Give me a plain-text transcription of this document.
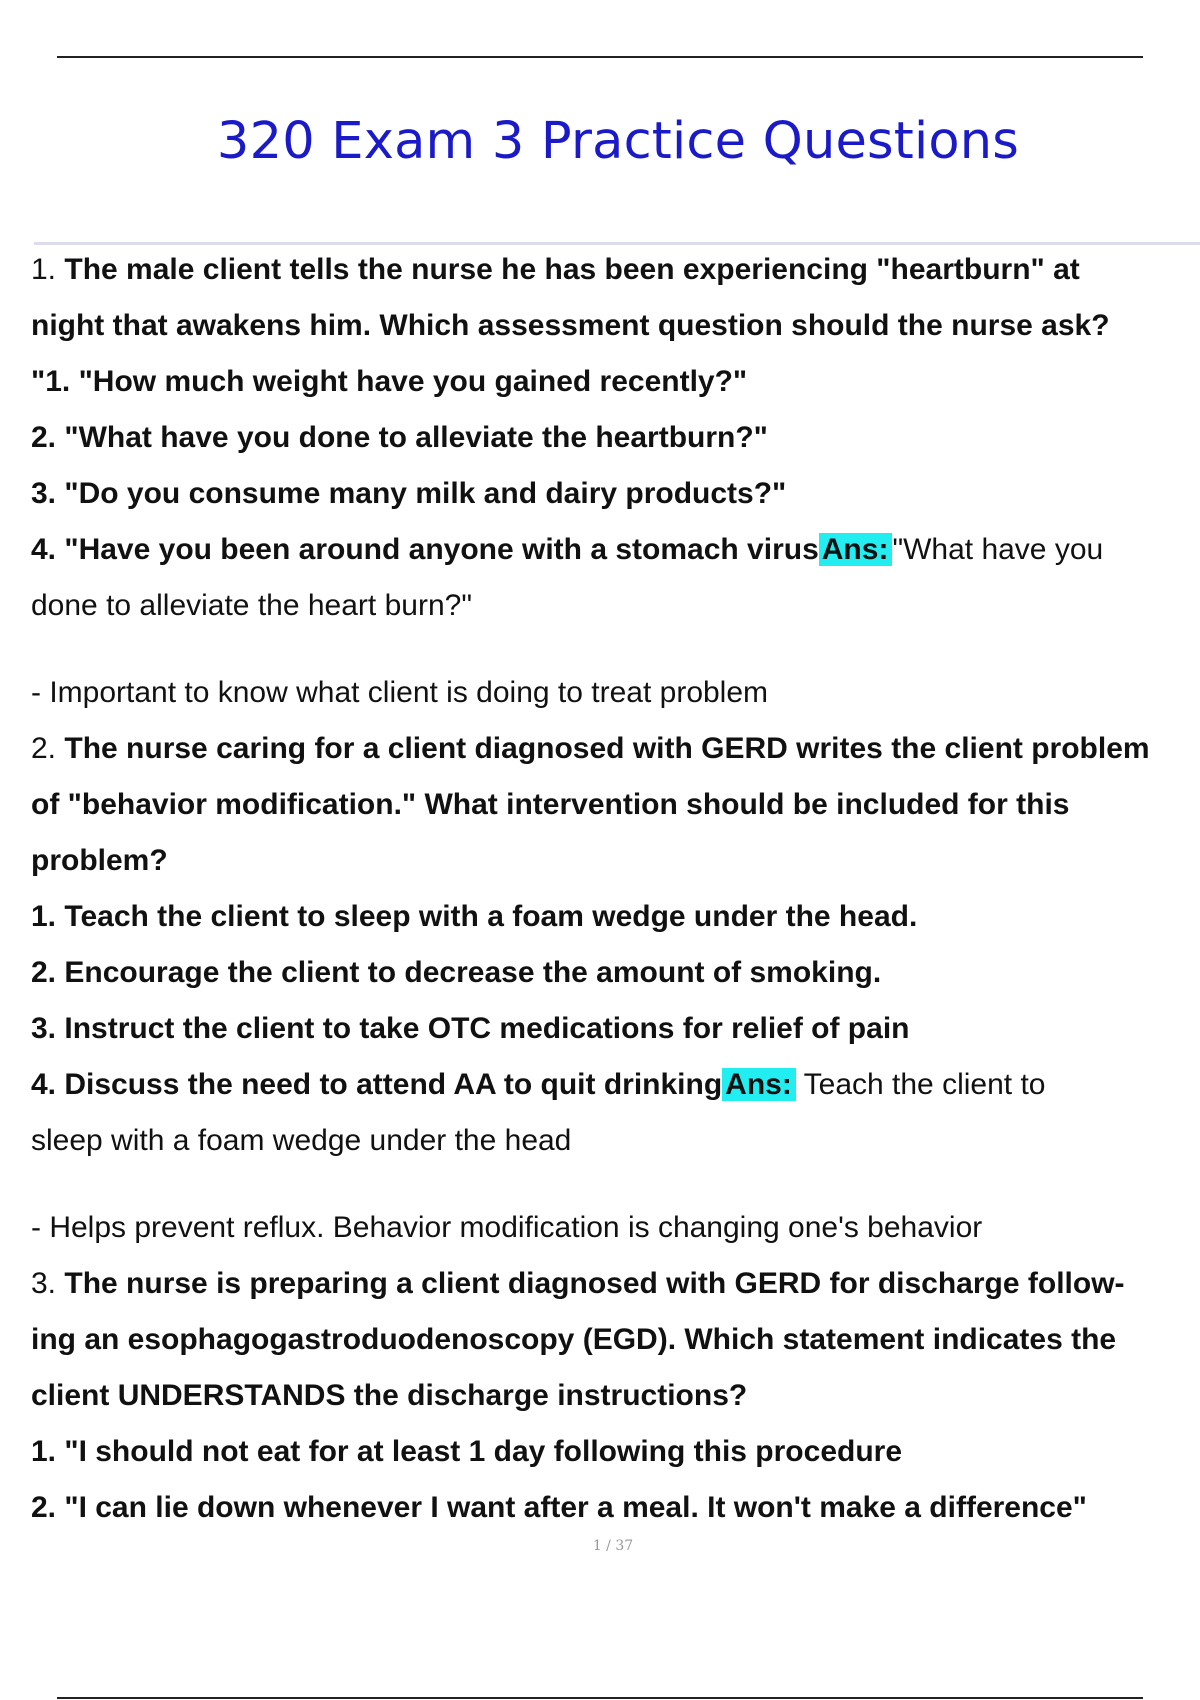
320 Exam 3 Practice Questions
1. The male client tells the nurse he has been experiencing "heartburn" at
night that awakens him. Which assessment question should the nurse ask?
"1. "How much weight have you gained recently?"
2. "What have you done to alleviate the heartburn?"
3. "Do you consume many milk and dairy products?"
4. "Have you been around anyone with a stomach virus Ans: "What have you
done to alleviate the heart burn?"
- Important to know what client is doing to treat problem
2. The nurse caring for a client diagnosed with GERD writes the client problem
of "behavior modification." What intervention should be included for this
problem?
1. Teach the client to sleep with a foam wedge under the head.
2. Encourage the client to decrease the amount of smoking.
3. Instruct the client to take OTC medications for relief of pain
4. Discuss the need to attend AA to quit drinking Ans: Teach the client to
sleep with a foam wedge under the head
- Helps prevent reflux. Behavior modification is changing one's behavior
3. The nurse is preparing a client diagnosed with GERD for discharge follow-
ing an esophagogastroduodenoscopy (EGD). Which statement indicates the
client UNDERSTANDS the discharge instructions?
1. "I should not eat for at least 1 day following this procedure
2. "I can lie down whenever I want after a meal. It won't make a difference"
1 / 37
